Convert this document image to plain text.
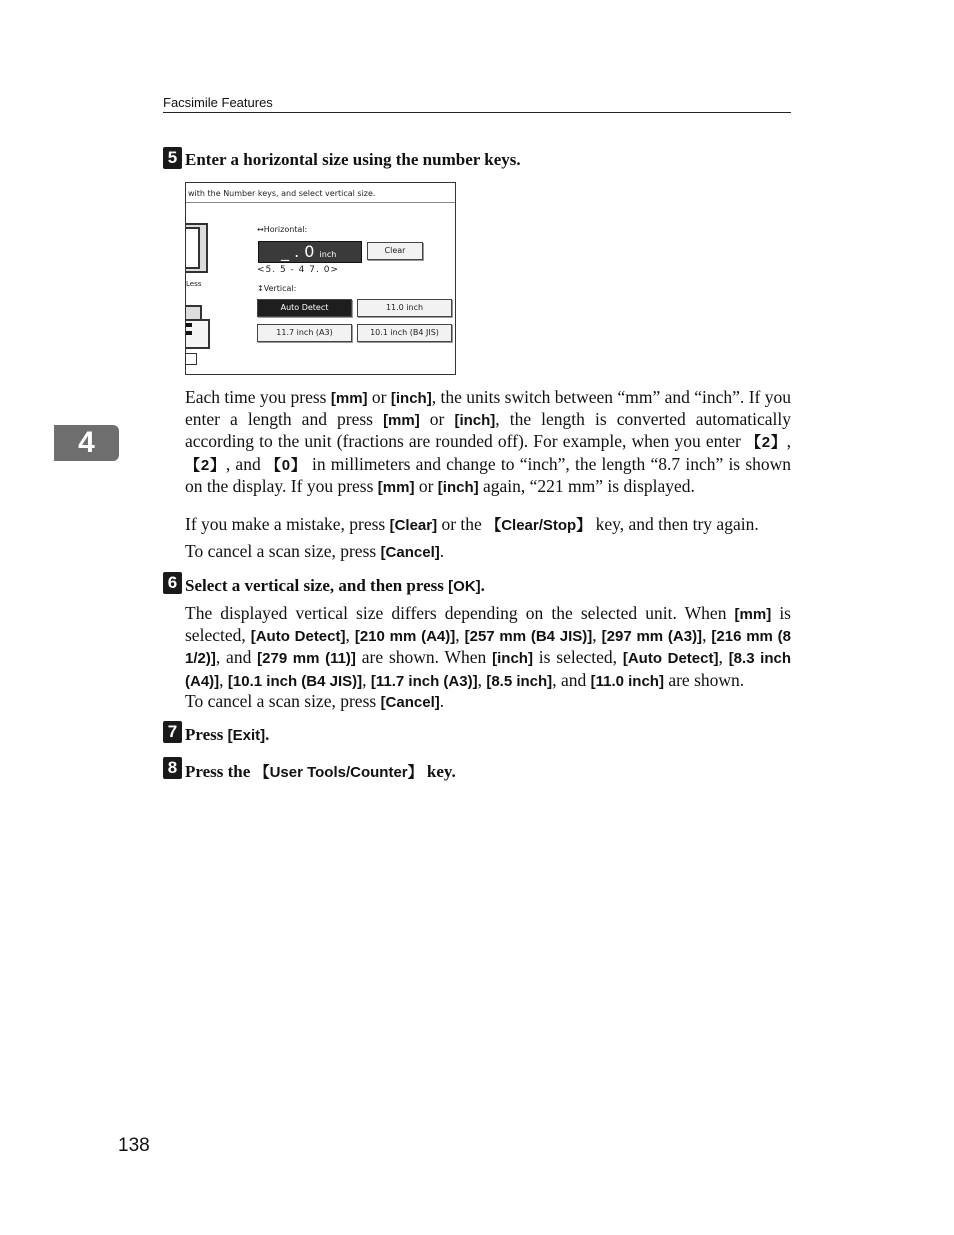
Facsimile Features
4
5 Enter a horizontal size using the number keys.
with the Number keys, and select vertical size.
Less
↔Horizontal:
_ . 0 inch	Clear
<5. 5 - 4 7. 0>
↕Vertical:
Auto Detect	11.0 inch
11.7 inch (A3)	10.1 inch (B4 JIS)
Each time you press [mm] or [inch], the units switch between “mm” and “inch”. If you enter a length and press [mm] or [inch], the length is converted automatically according to the unit (fractions are rounded off). For example, when you enter 【2】, 【2】, and 【0】 in millimeters and change to “inch”, the length “8.7 inch” is shown on the display. If you press [mm] or [inch] again, “221 mm” is displayed.
If you make a mistake, press [Clear] or the 【Clear/Stop】 key, and then try again.
To cancel a scan size, press [Cancel].
6 Select a vertical size, and then press [OK].
The displayed vertical size differs depending on the selected unit. When [mm] is selected, [Auto Detect], [210 mm (A4)], [257 mm (B4 JIS)], [297 mm (A3)], [216 mm (8 1/2)], and [279 mm (11)] are shown. When [inch] is selected, [Auto Detect], [8.3 inch (A4)], [10.1 inch (B4 JIS)], [11.7 inch (A3)], [8.5 inch], and [11.0 inch] are shown.
To cancel a scan size, press [Cancel].
7 Press [Exit].
8 Press the 【User Tools/Counter】 key.
138
